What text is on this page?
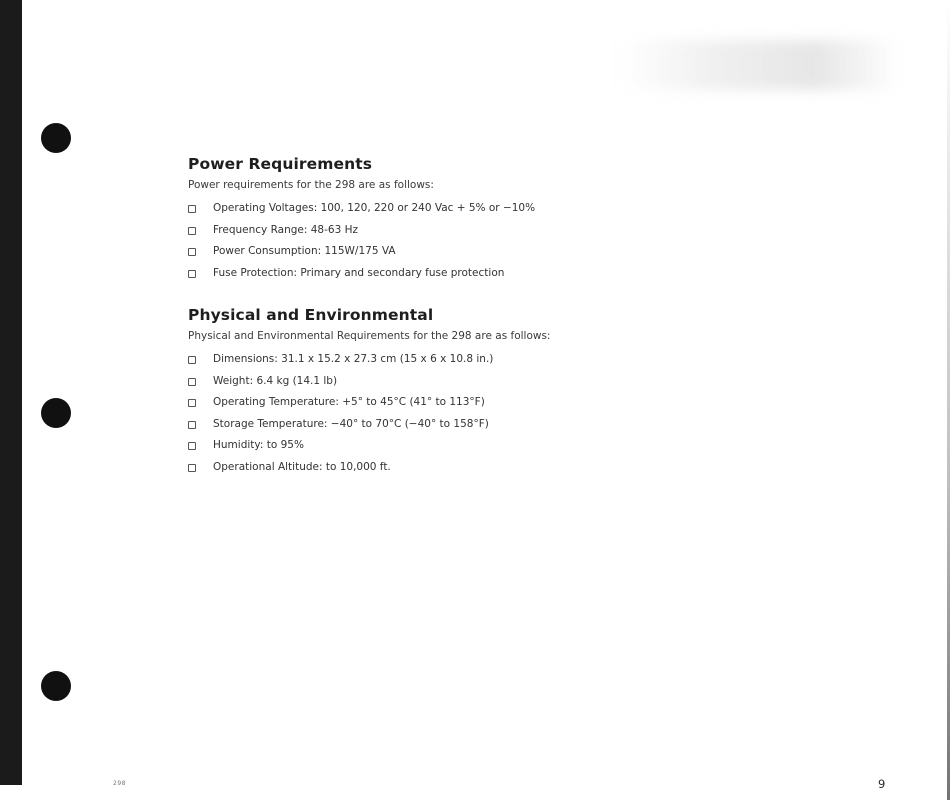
Power Requirements
Power requirements for the 298 are as follows:
Operating Voltages: 100, 120, 220 or 240 Vac + 5% or −10%
Frequency Range: 48-63 Hz
Power Consumption: 115W/175 VA
Fuse Protection: Primary and secondary fuse protection
Physical and Environmental
Physical and Environmental Requirements for the 298 are as follows:
Dimensions: 31.1 x 15.2 x 27.3 cm (15 x 6 x 10.8 in.)
Weight: 6.4 kg (14.1 lb)
Operating Temperature: +5° to 45°C (41° to 113°F)
Storage Temperature: −40° to 70°C (−40° to 158°F)
Humidity: to 95%
Operational Altitude: to 10,000 ft.
298	9
